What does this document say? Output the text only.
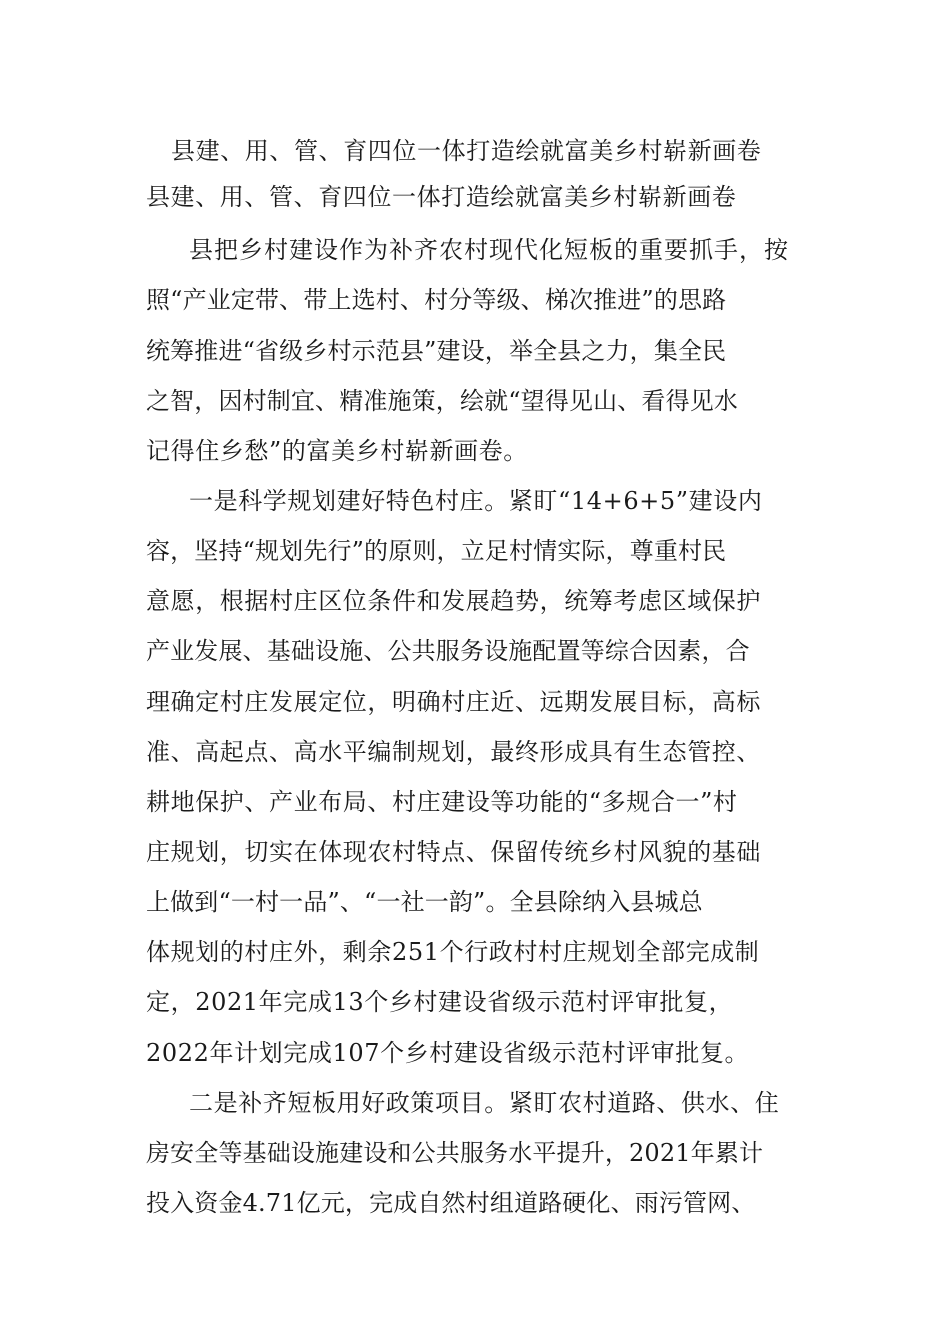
县建、用、管、育四位一体打造绘就富美乡村崭新画卷
县建、用、管、育四位一体打造绘就富美乡村崭新画卷
县把乡村建设作为补齐农村现代化短板的重要抓手，按
照“产业定带、带上选村、村分等级、梯次推进”的思路
统筹推进“省级乡村示范县”建设，举全县之力，集全民
之智，因村制宜、精准施策，绘就“望得见山、看得见水
记得住乡愁”的富美乡村崭新画卷。
一是科学规划建好特色村庄。紧盯“14+6+5”建设内
容，坚持“规划先行”的原则，立足村情实际，尊重村民
意愿，根据村庄区位条件和发展趋势，统筹考虑区域保护
产业发展、基础设施、公共服务设施配置等综合因素，合
理确定村庄发展定位，明确村庄近、远期发展目标，高标
准、高起点、高水平编制规划，最终形成具有生态管控、
耕地保护、产业布局、村庄建设等功能的“多规合一”村
庄规划，切实在体现农村特点、保留传统乡村风貌的基础
上做到“一村一品”、“一社一韵”。全县除纳入县城总
体规划的村庄外，剩余251个行政村村庄规划全部完成制
定，2021年完成13个乡村建设省级示范村评审批复，
2022年计划完成107个乡村建设省级示范村评审批复。
二是补齐短板用好政策项目。紧盯农村道路、供水、住
房安全等基础设施建设和公共服务水平提升，2021年累计
投入资金4.71亿元，完成自然村组道路硬化、雨污管网、
